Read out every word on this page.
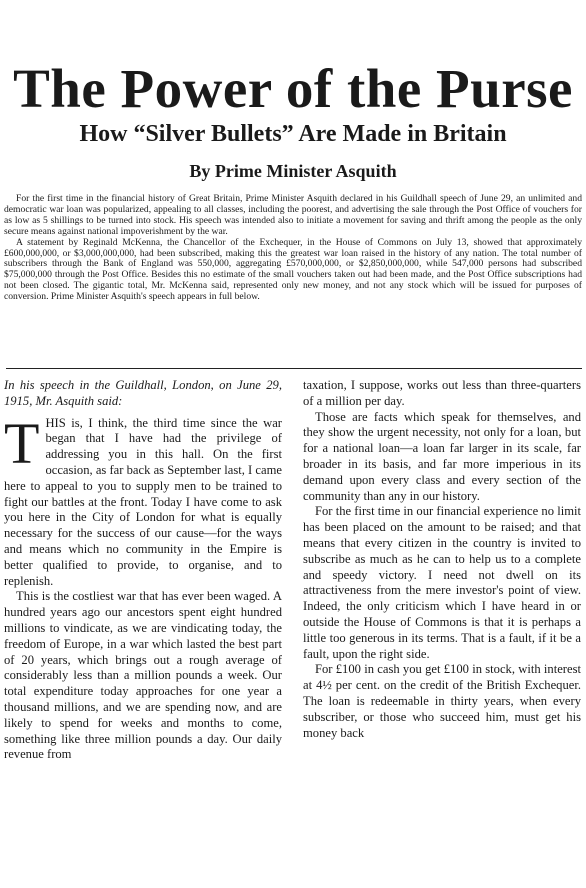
The Power of the Purse
How “Silver Bullets” Are Made in Britain
By Prime Minister Asquith

For the first time in the financial history of Great Britain, Prime Minister Asquith declared in his Guildhall speech of June 29, an unlimited and democratic war loan was popularized, appealing to all classes, including the poorest, and advertising the sale through the Post Office of vouchers for as low as 5 shillings to be turned into stock. His speech was intended also to initiate a movement for saving and thrift among the people as the only secure means against national impoverishment by the war.

A statement by Reginald McKenna, the Chancellor of the Exchequer, in the House of Commons on July 13, showed that approximately £600,000,000, or $3,000,000,000, had been subscribed, making this the greatest war loan raised in the history of any nation. The total number of subscribers through the Bank of England was 550,000, aggregating £570,000,000, or $2,850,000,000, while 547,000 persons had subscribed $75,000,000 through the Post Office. Besides this no estimate of the small vouchers taken out had been made, and the Post Office subscriptions had not been closed. The gigantic total, Mr. McKenna said, represented only new money, and not any stock which will be issued for purposes of conversion. Prime Minister Asquith's speech appears in full below.

In his speech in the Guildhall, London, on June 29, 1915, Mr. Asquith said:

THIS is, I think, the third time since the war began that I have had the privilege of addressing you in this hall. On the first occasion, as far back as September last, I came here to appeal to you to supply men to be trained to fight our battles at the front. Today I have come to ask you here in the City of London for what is equally necessary for the success of our cause—for the ways and means which no community in the Empire is better qualified to provide, to organise, and to replenish.

This is the costliest war that has ever been waged. A hundred years ago our ancestors spent eight hundred millions to vindicate, as we are vindicating today, the freedom of Europe, in a war which lasted the best part of 20 years, which brings out a rough average of considerably less than a million pounds a week. Our total expenditure today approaches for one year a thousand millions, and we are spending now, and are likely to spend for weeks and months to come, something like three million pounds a day. Our daily revenue from

taxation, I suppose, works out less than three-quarters of a million per day.

Those are facts which speak for themselves, and they show the urgent necessity, not only for a loan, but for a national loan—a loan far larger in its scale, far broader in its basis, and far more imperious in its demand upon every class and every section of the community than any in our history.

For the first time in our financial experience no limit has been placed on the amount to be raised; and that means that every citizen in the country is invited to subscribe as much as he can to help us to a complete and speedy victory. I need not dwell on its attractiveness from the mere investor's point of view. Indeed, the only criticism which I have heard in or outside the House of Commons is that it is perhaps a little too generous in its terms. That is a fault, if it be a fault, upon the right side.

For £100 in cash you get £100 in stock, with interest at 4½ per cent. on the credit of the British Exchequer. The loan is redeemable in thirty years, when every subscriber, or those who succeed him, must get his money back
